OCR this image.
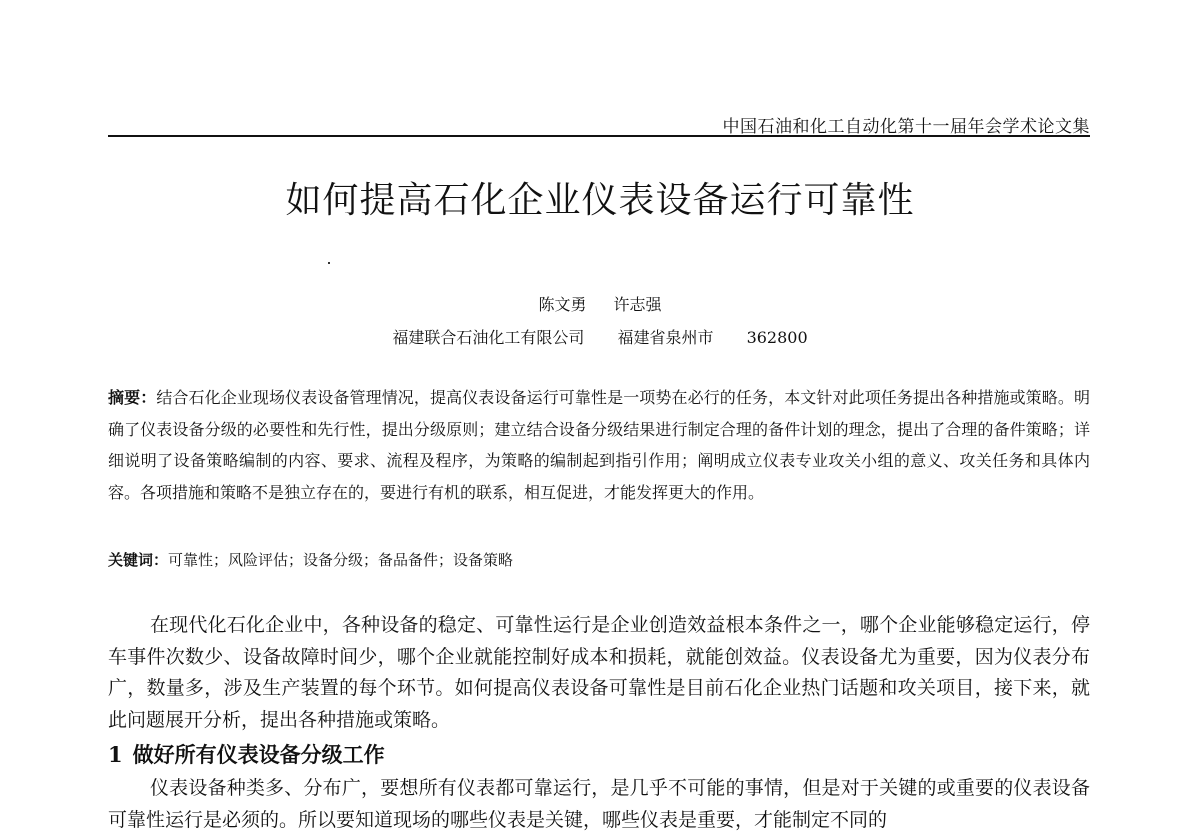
中国石油和化工自动化第十一届年会学术论文集
如何提高石化企业仪表设备运行可靠性
陈文勇 许志强
福建联合石油化工有限公司 福建省泉州市 362800
摘要：结合石化企业现场仪表设备管理情况，提高仪表设备运行可靠性是一项势在必行的任务，本文针对此项任务提出各种措施或策略。明确了仪表设备分级的必要性和先行性，提出分级原则；建立结合设备分级结果进行制定合理的备件计划的理念，提出了合理的备件策略；详细说明了设备策略编制的内容、要求、流程及程序，为策略的编制起到指引作用；阐明成立仪表专业攻关小组的意义、攻关任务和具体内容。各项措施和策略不是独立存在的，要进行有机的联系，相互促进，才能发挥更大的作用。
关键词：可靠性；风险评估；设备分级；备品备件；设备策略

在现代化石化企业中，各种设备的稳定、可靠性运行是企业创造效益根本条件之一，哪个企业能够稳定运行，停车事件次数少、设备故障时间少，哪个企业就能控制好成本和损耗，就能创效益。仪表设备尤为重要，因为仪表分布广，数量多，涉及生产装置的每个环节。如何提高仪表设备可靠性是目前石化企业热门话题和攻关项目，接下来，就此问题展开分析，提出各种措施或策略。

1 做好所有仪表设备分级工作

仪表设备种类多、分布广，要想所有仪表都可靠运行，是几乎不可能的事情，但是对于关键的或重要的仪表设备可靠性运行是必须的。所以要知道现场的哪些仪表是关键，哪些仪表是重要，才能制定不同的
